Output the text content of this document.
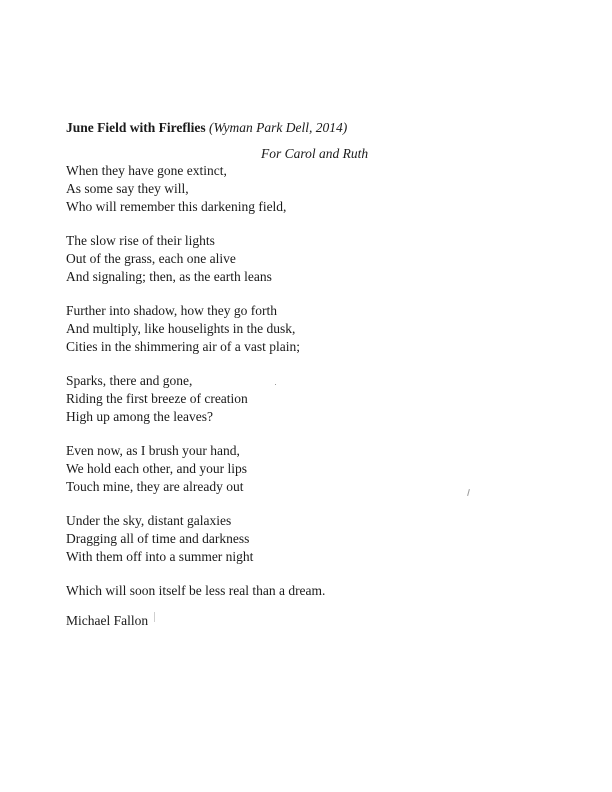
June Field with Fireflies (Wyman Park Dell, 2014)
For Carol and Ruth
When they have gone extinct,
As some say they will,
Who will remember this darkening field,
The slow rise of their lights
Out of the grass, each one alive
And signaling; then, as the earth leans
Further into shadow, how they go forth
And multiply, like houselights in the dusk,
Cities in the shimmering air of a vast plain;
Sparks, there and gone,
Riding the first breeze of creation
High up among the leaves?
Even now, as I brush your hand,
We hold each other, and your lips
Touch mine, they are already out
Under the sky, distant galaxies
Dragging all of time and darkness
With them off into a summer night
Which will soon itself be less real than a dream.
Michael Fallon
